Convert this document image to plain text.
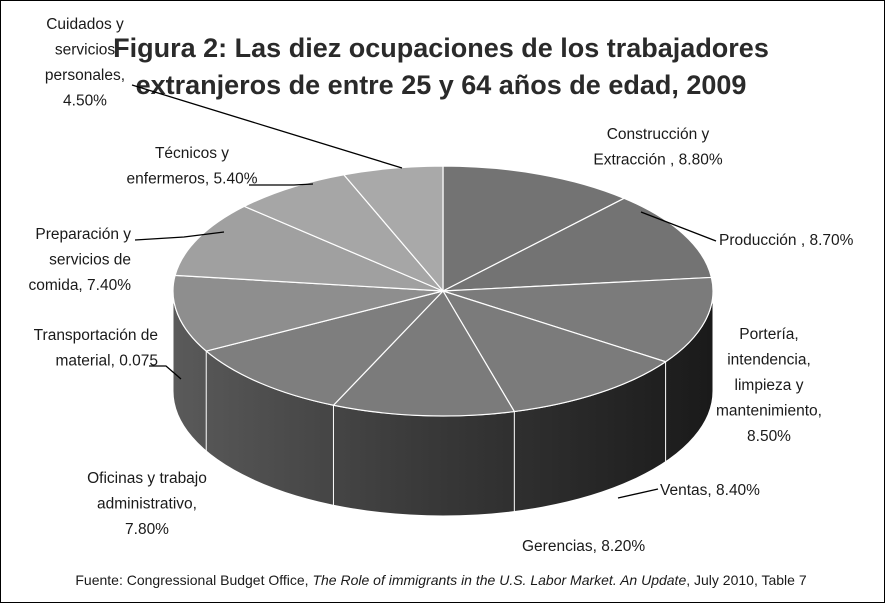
Figura 2: Las diez ocupaciones de los trabajadores
extranjeros de entre 25 y 64 años de edad, 2009
Construcción y Extracción , 8.80%
Producción , 8.70%
Portería, intendencia, limpieza y mantenimiento, 8.50%
Ventas, 8.40%
Gerencias, 8.20%
Oficinas y trabajo administrativo, 7.80%
Transportación de material, 0.075
Preparación y servicios de comida, 7.40%
Técnicos y enfermeros, 5.40%
Cuidados y servicios personales, 4.50%
Fuente: Congressional Budget Office, The Role of immigrants in the U.S. Labor Market. An Update, July 2010, Table 7
